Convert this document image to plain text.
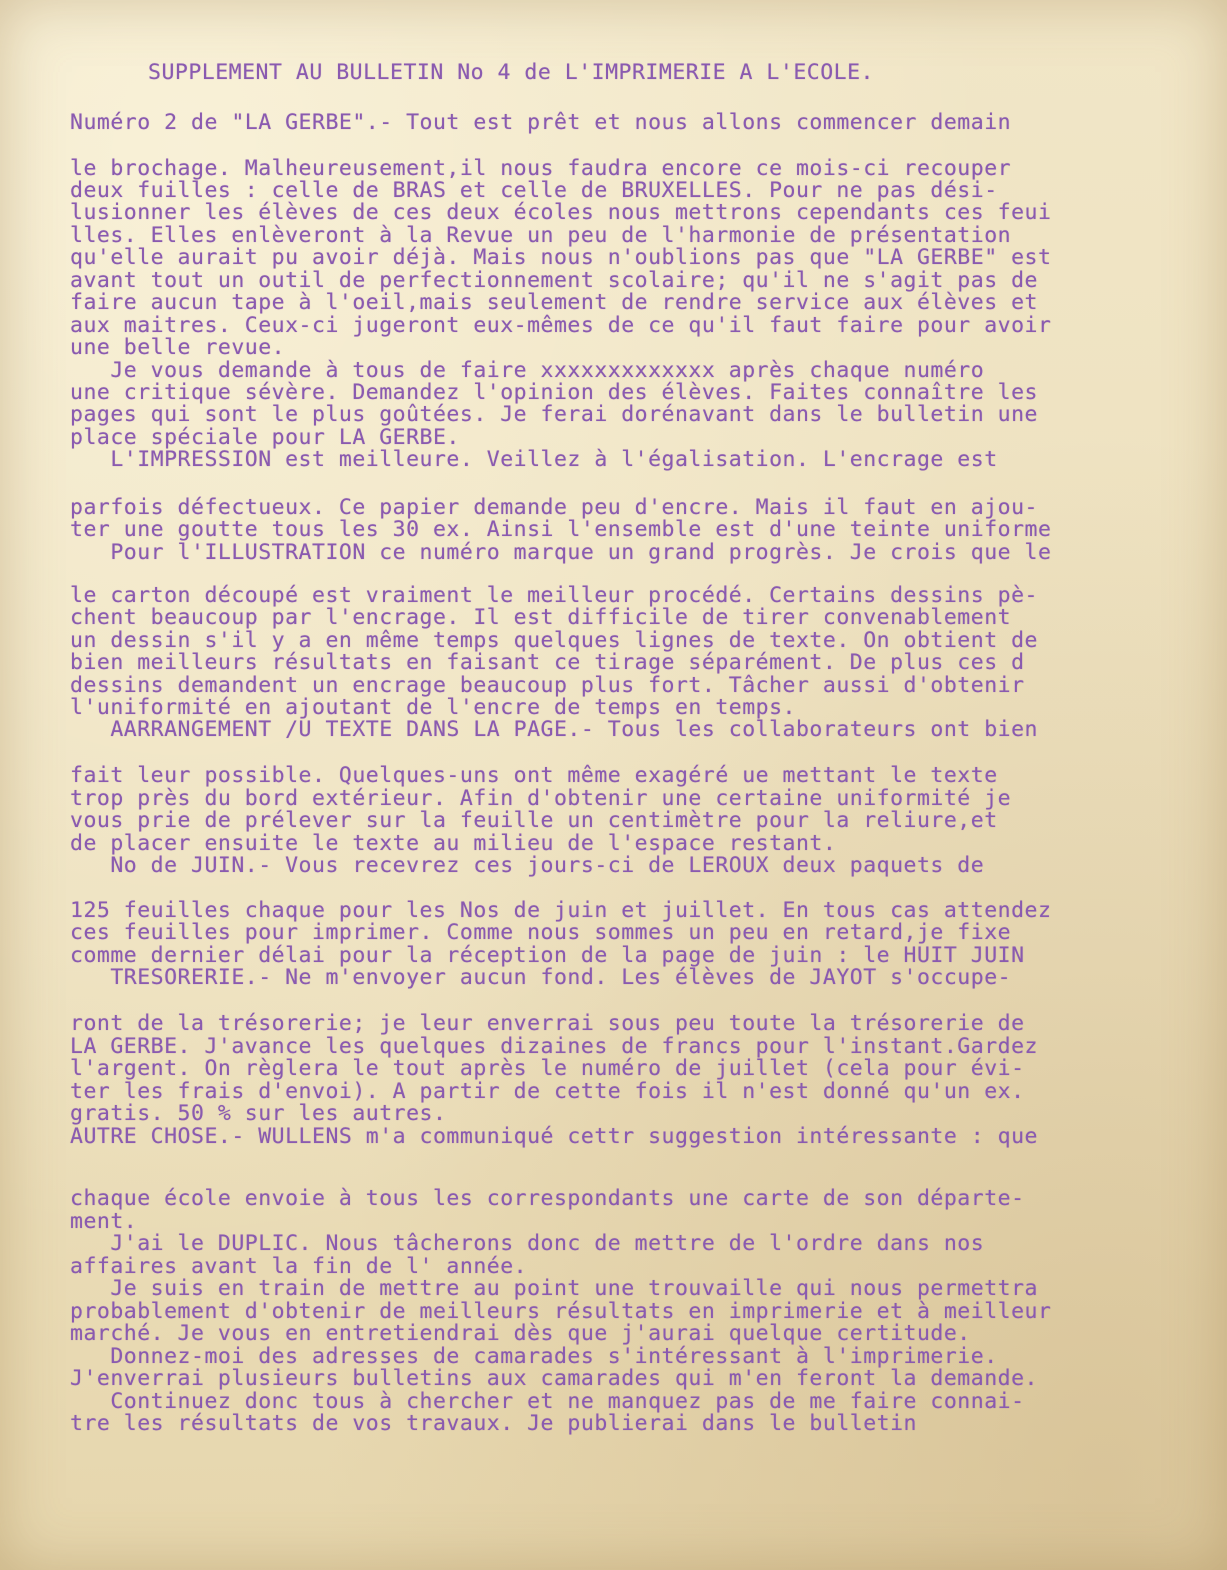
SUPPLEMENT AU BULLETIN No 4 de L'IMPRIMERIE A L'ECOLE.
Numéro 2 de "LA GERBE".- Tout est prêt et nous allons commencer demain
le brochage. Malheureusement,il nous faudra encore ce mois-ci recouper
deux fuilles : celle de BRAS et celle de BRUXELLES. Pour ne pas dési-
lusionner les élèves de ces deux écoles nous mettrons cependants ces feui
lles. Elles enlèveront à la Revue un peu de l'harmonie de présentation
qu'elle aurait pu avoir déjà. Mais nous n'oublions pas que "LA GERBE" est
avant tout un outil de perfectionnement scolaire; qu'il ne s'agit pas de
faire aucun tape à l'oeil,mais seulement de rendre service aux élèves et
aux maitres. Ceux-ci jugeront eux-mêmes de ce qu'il faut faire pour avoir
une belle revue.
Je vous demande à tous de faire xxxxxxxxxxxxx après chaque numéro
une critique sévère. Demandez l'opinion des élèves. Faites connaître les
pages qui sont le plus goûtées. Je ferai dorénavant dans le bulletin une
place spéciale pour LA GERBE.
L'IMPRESSION est meilleure. Veillez à l'égalisation. L'encrage est
parfois défectueux. Ce papier demande peu d'encre. Mais il faut en ajou-
ter une goutte tous les 30 ex. Ainsi l'ensemble est d'une teinte uniforme
Pour l'ILLUSTRATION ce numéro marque un grand progrès. Je crois que le
le carton découpé est vraiment le meilleur procédé. Certains dessins pè-
chent beaucoup par l'encrage. Il est difficile de tirer convenablement
un dessin s'il y a en même temps quelques lignes de texte. On obtient de
bien meilleurs résultats en faisant ce tirage séparément. De plus ces d
dessins demandent un encrage beaucoup plus fort. Tâcher aussi d'obtenir
l'uniformité en ajoutant de l'encre de temps en temps.
AARRANGEMENT /U TEXTE DANS LA PAGE.- Tous les collaborateurs ont bien
fait leur possible. Quelques-uns ont même exagéré ue mettant le texte
trop près du bord extérieur. Afin d'obtenir une certaine uniformité je
vous prie de prélever sur la feuille un centimètre pour la reliure,et
de placer ensuite le texte au milieu de l'espace restant.
No de JUIN.- Vous recevrez ces jours-ci de LEROUX deux paquets de
125 feuilles chaque pour les Nos de juin et juillet. En tous cas attendez
ces feuilles pour imprimer. Comme nous sommes un peu en retard,je fixe
comme dernier délai pour la réception de la page de juin : le HUIT JUIN
TRESORERIE.- Ne m'envoyer aucun fond. Les élèves de JAYOT s'occupe-
ront de la trésorerie; je leur enverrai sous peu toute la trésorerie de
LA GERBE. J'avance les quelques dizaines de francs pour l'instant.Gardez
l'argent. On règlera le tout après le numéro de juillet (cela pour évi-
ter les frais d'envoi). A partir de cette fois il n'est donné qu'un ex.
gratis. 50 % sur les autres.
AUTRE CHOSE.- WULLENS m'a communiqué cettr suggestion intéressante : que
chaque école envoie à tous les correspondants une carte de son départe-
ment.
J'ai le DUPLIC. Nous tâcherons donc de mettre de l'ordre dans nos
affaires avant la fin de l' année.
Je suis en train de mettre au point une trouvaille qui nous permettra
probablement d'obtenir de meilleurs résultats en imprimerie et à meilleur
marché. Je vous en entretiendrai dès que j'aurai quelque certitude.
Donnez-moi des adresses de camarades s'intéressant à l'imprimerie.
J'enverrai plusieurs bulletins aux camarades qui m'en feront la demande.
Continuez donc tous à chercher et ne manquez pas de me faire connai-
tre les résultats de vos travaux. Je publierai dans le bulletin
